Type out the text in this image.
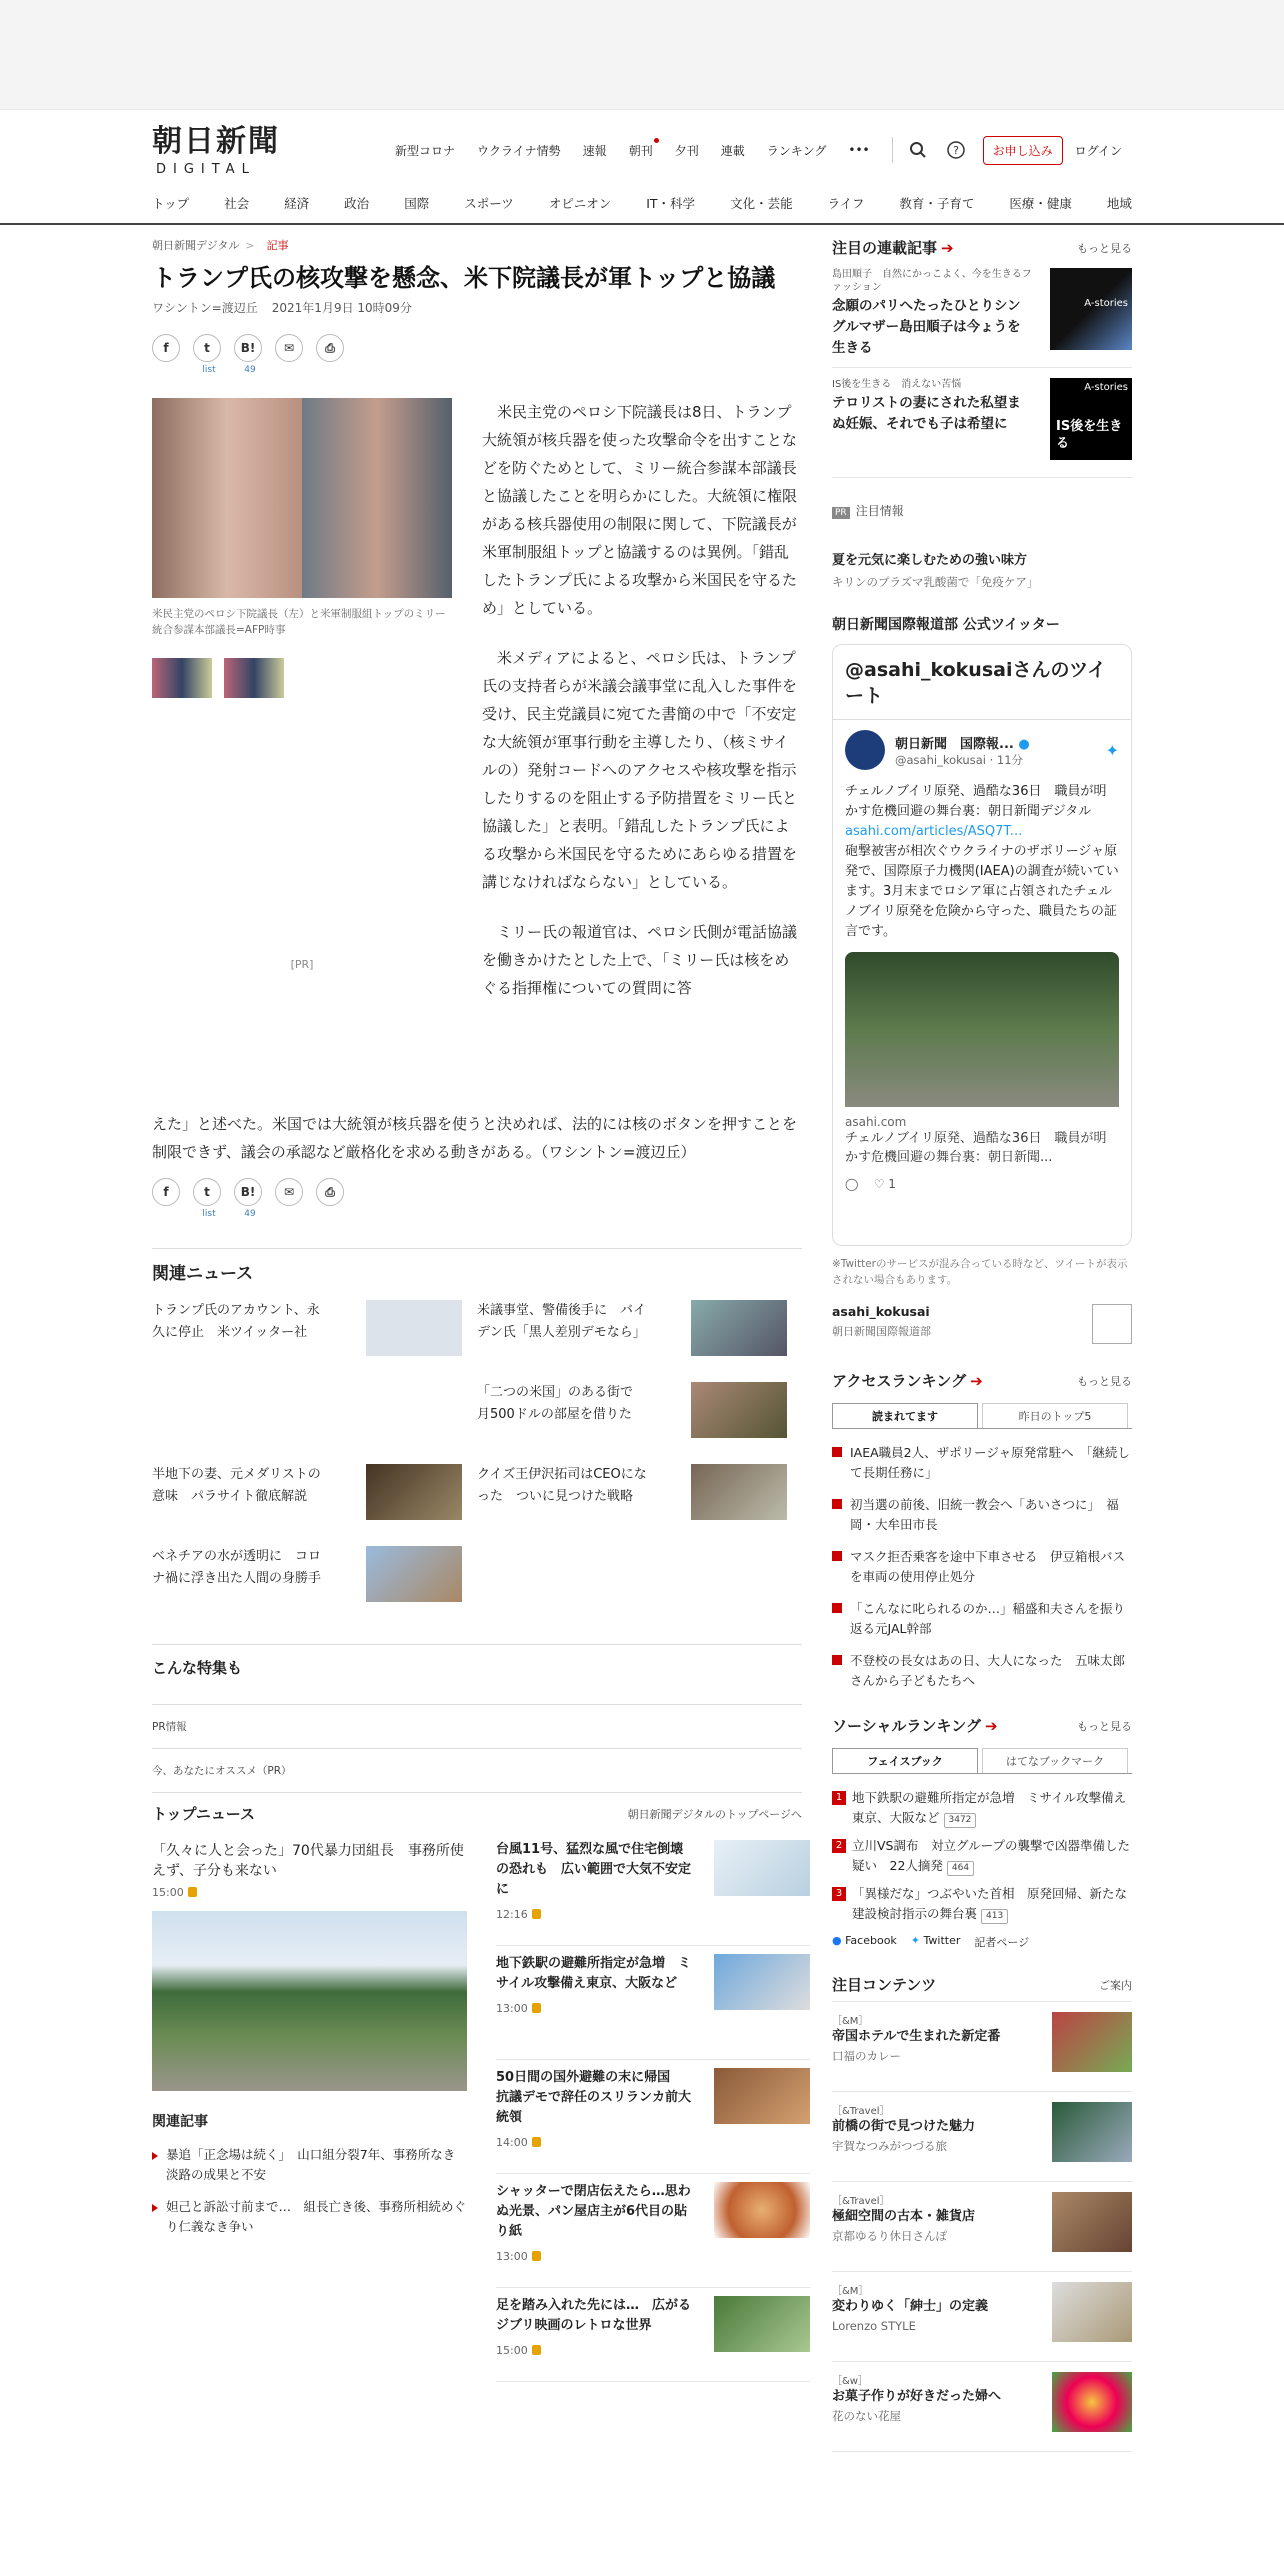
朝日新聞
DIGITAL
新型コロナ ウクライナ情勢 速報 朝刊 夕刊 連載 ランキング •••	?	お申し込み	ログイン
トップ	社会	経済	政治	国際	スポーツ	オピニオン	IT・科学	文化・芸能	ライフ	教育・子育て	医療・健康	地域
朝日新聞デジタル > 記事
トランプ氏の核攻撃を懸念、米下院議長が軍トップと協議
ワシントン=渡辺丘 2021年1月9日 10時09分
f	t
list
B!
49
✉	⎙
米民主党のペロシ下院議長（左）と米軍制服組トップのミリー統合参謀本部議長=AFP時事
[PR]

米民主党のペロシ下院議長は8日、トランプ大統領が核兵器を使った攻撃命令を出すことなどを防ぐためとして、ミリー統合参謀本部議長と協議したことを明らかにした。大統領に権限がある核兵器使用の制限に関して、下院議長が米軍制服組トップと協議するのは異例。「錯乱したトランプ氏による攻撃から米国民を守るため」としている。

米メディアによると、ペロシ氏は、トランプ氏の支持者らが米議会議事堂に乱入した事件を受け、民主党議員に宛てた書簡の中で「不安定な大統領が軍事行動を主導したり、（核ミサイルの）発射コードへのアクセスや核攻撃を指示したりするのを阻止する予防措置をミリー氏と協議した」と表明。「錯乱したトランプ氏による攻撃から米国民を守るためにあらゆる措置を講じなければならない」としている。

ミリー氏の報道官は、ペロシ氏側が電話協議を働きかけたとした上で、「ミリー氏は核をめぐる指揮権についての質問に答

えた」と述べた。米国では大統領が核兵器を使うと決めれば、法的には核のボタンを押すことを制限できず、議会の承認など厳格化を求める動きがある。（ワシントン=渡辺丘）

f	t
list
B!
49
✉	⎙
関連ニュース
トランプ氏のアカウント、永久に停止　米ツイッター社
米議事堂、警備後手に　バイデン氏「黒人差別デモなら」
「二つの米国」のある街で　月500ドルの部屋を借りた
半地下の妻、元メダリストの意味　パラサイト徹底解説
クイズ王伊沢拓司はCEOになった　ついに見つけた戦略
ベネチアの水が透明に　コロナ禍に浮き出た人間の身勝手
こんな特集も
PR情報
今、あなたにオススメ（PR）
トップニュース	朝日新聞デジタルのトップページへ
「久々に人と会った」70代暴力団組長　事務所使えず、子分も来ない
15:00
関連記事
暴追「正念場は続く」　山口組分裂7年、事務所なき淡路の成果と不安
妲己と訴訟寸前まで…　組長亡き後、事務所相続めぐり仁義なき争い
台風11号、猛烈な風で住宅倒壊の恐れも　広い範囲で大気不安定に
12:16
地下鉄駅の避難所指定が急増　ミサイル攻撃備え東京、大阪など
13:00
50日間の国外避難の末に帰国　抗議デモで辞任のスリランカ前大統領
14:00
シャッターで閉店伝えたら…思わぬ光景、パン屋店主が6代目の貼り紙
13:00
足を踏み入れた先には…　広がるジブリ映画のレトロな世界
15:00
注目の連載記事 ➔	もっと見る
島田順子　自然にかっこよく、今を生きるファッション
念願のパリへたったひとりシングルマザー島田順子は今ょうを生きる
A-stories
IS後を生きる　消えない苦悩
テロリストの妻にされた私望まぬ妊娠、それでも子は希望に
A-stories
IS後を生きる
PR 注目情報
夏を元気に楽しむための強い味方
キリンのプラズマ乳酸菌で「免疫ケア」
朝日新聞国際報道部 公式ツイッター
@asahi_kokusaiさんのツイート
朝日新聞　国際報... ●
@asahi_kokusai · 11分	✦
チェルノブイリ原発、過酷な36日　職員が明かす危機回避の舞台裏：朝日新聞デジタル asahi.com/articles/ASQ7T...
砲撃被害が相次ぐウクライナのザポリージャ原発で、国際原子力機関(IAEA)の調査が続いています。3月末までロシア軍に占領されたチェルノブイリ原発を危険から守った、職員たちの証言です。
asahi.com
チェルノブイリ原発、過酷な36日　職員が明かす危機回避の舞台裏：朝日新聞...
◯ ♡ 1
※Twitterのサービスが混み合っている時など、ツイートが表示されない場合もあります。
asahi_kokusai
朝日新聞国際報道部
アクセスランキング ➔	もっと見る
読まれてます	昨日のトップ5
IAEA職員2人、ザポリージャ原発常駐へ　「継続して長期任務に」
初当選の前後、旧統一教会へ「あいさつに」　福岡・大牟田市長
マスク拒否乗客を途中下車させる　伊豆箱根バスを車両の使用停止処分
「こんなに叱られるのか…」稲盛和夫さんを振り返る元JAL幹部
不登校の長女はあの日、大人になった　五味太郎さんから子どもたちへ
ソーシャルランキング ➔	もっと見る
フェイスブック	はてなブックマーク
1 地下鉄駅の避難所指定が急増　ミサイル攻撃備え東京、大阪など 3472
2 立川VS調布　対立グループの襲撃で凶器準備した疑い　22人摘発 464
3 「異様だな」つぶやいた首相　原発回帰、新たな建設検討指示の舞台裏 413
● Facebook ✦ Twitter 記者ページ
注目コンテンツ	ご案内
［&M］
帝国ホテルで生まれた新定番
口福のカレー
［&Travel］
前橋の街で見つけた魅力
宇賀なつみがつづる旅
［&Travel］
極細空間の古本・雑貨店
京都ゆるり休日さんぽ
［&M］
変わりゆく「紳士」の定義
Lorenzo STYLE
［&w］
お菓子作りが好きだった婦へ
花のない花屋
